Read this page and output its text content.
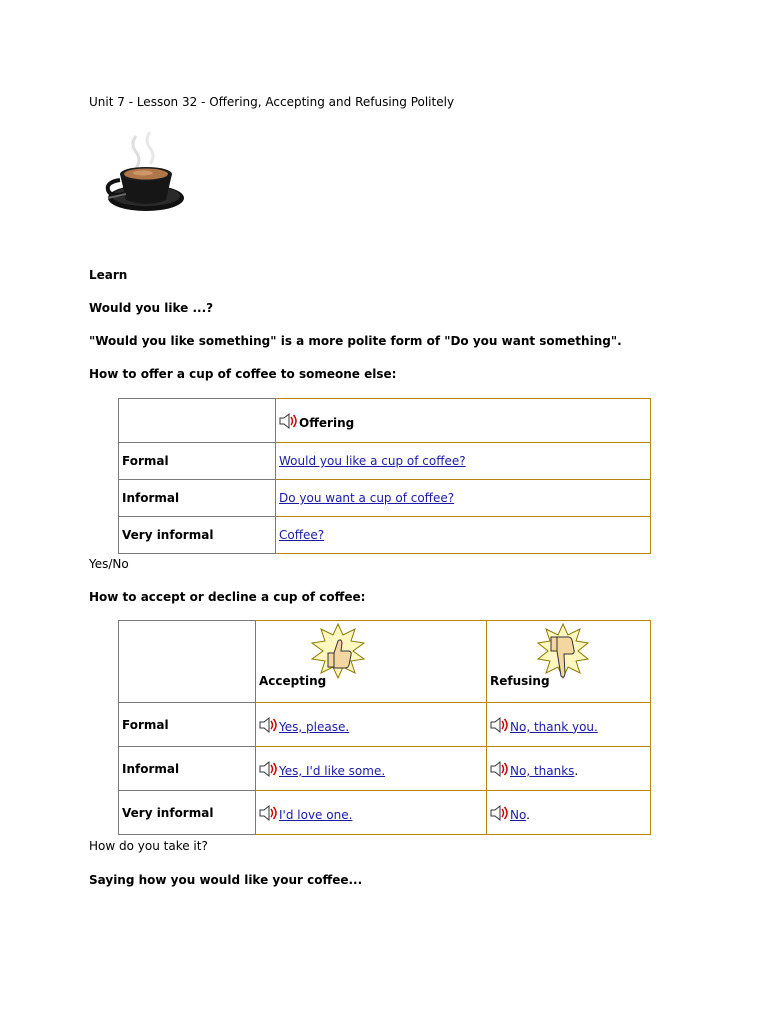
Unit 7 - Lesson 32 - Offering, Accepting and Refusing Politely
Learn
Would you like ...?
"Would you like something" is a more polite form of "Do you want something".
How to offer a cup of coffee to someone else:
	Offering
Formal	Would you like a cup of coffee?
Informal	Do you want a cup of coffee?
Very informal	Coffee?
Yes/No
How to accept or decline a cup of coffee:
	Accepting	Refusing

Formal	Yes, please.	No, thank you.
Informal	Yes, I'd like some.	No, thanks.
Very informal	I'd love one.	No.
How do you take it?
Saying how you would like your coffee...
